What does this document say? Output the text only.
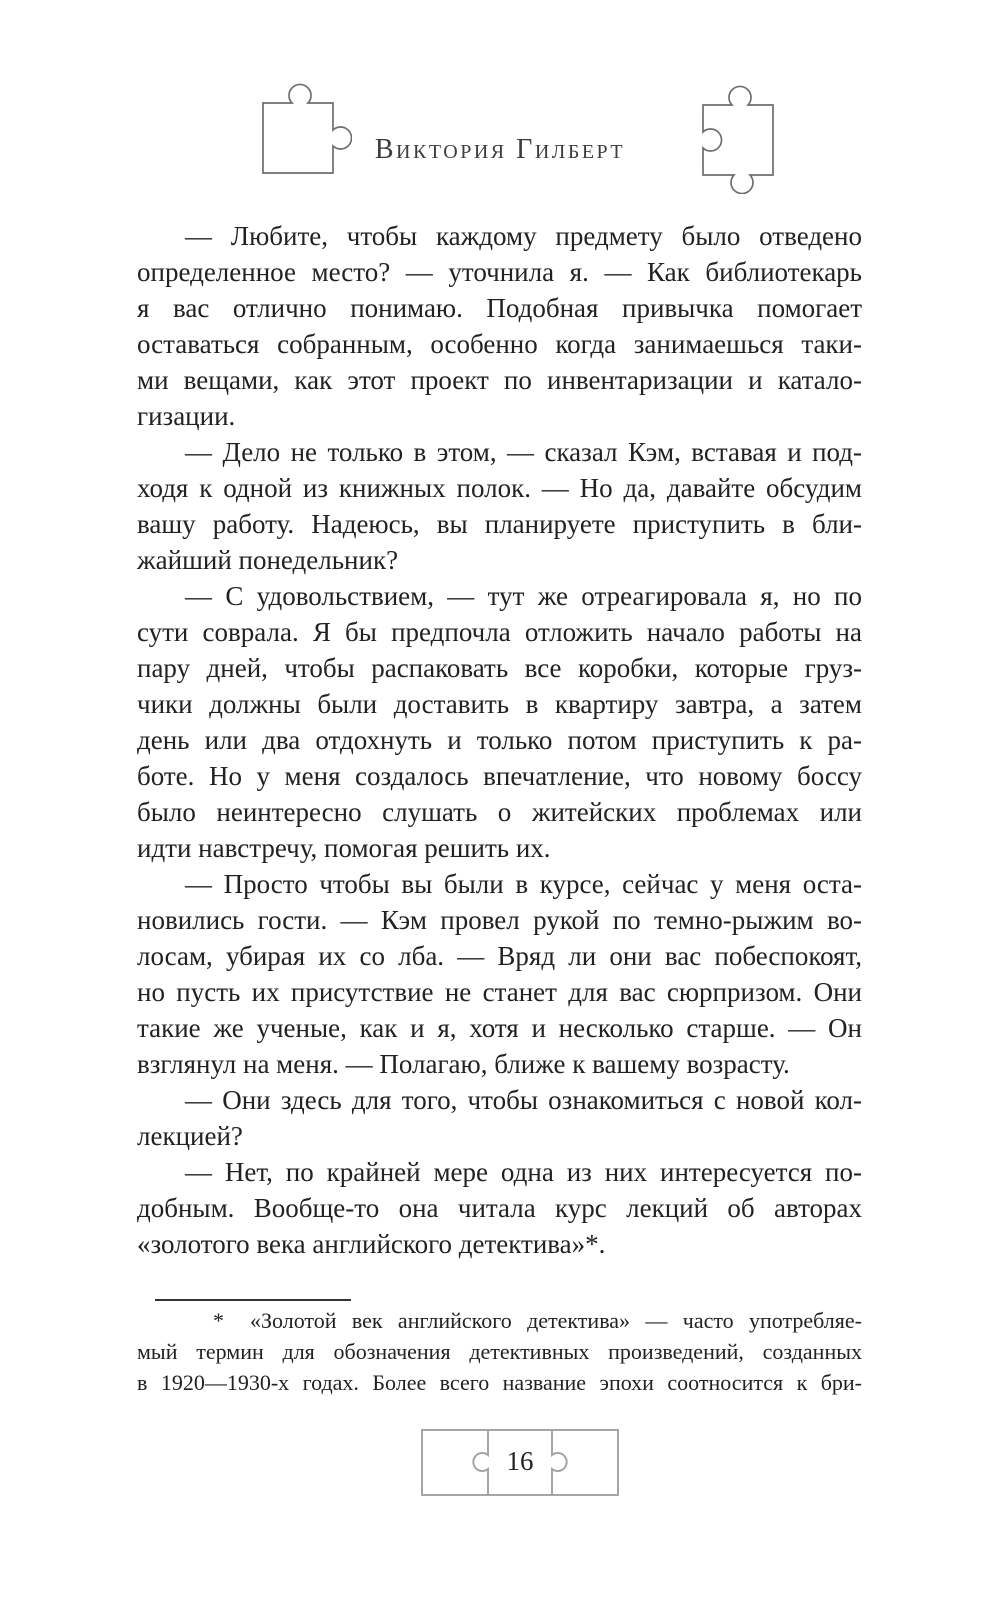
Виктория Гилберт
— Любите, чтобы каждому предмету было отведено
определенное место? — уточнила я. — Как библиотекарь
я вас отлично понимаю. Подобная привычка помогает
оставаться собранным, особенно когда занимаешься таки-
ми вещами, как этот проект по инвентаризации и катало-
гизации.
— Дело не только в этом, — сказал Кэм, вставая и под-
ходя к одной из книжных полок. — Но да, давайте обсудим
вашу работу. Надеюсь, вы планируете приступить в бли-
жайший понедельник?
— С удовольствием, — тут же отреагировала я, но по
сути соврала. Я бы предпочла отложить начало работы на
пару дней, чтобы распаковать все коробки, которые груз-
чики должны были доставить в квартиру завтра, а затем
день или два отдохнуть и только потом приступить к ра-
боте. Но у меня создалось впечатление, что новому боссу
было неинтересно слушать о житейских проблемах или
идти навстречу, помогая решить их.
— Просто чтобы вы были в курсе, сейчас у меня оста-
новились гости. — Кэм провел рукой по темно-рыжим во-
лосам, убирая их со лба. — Вряд ли они вас побеспокоят,
но пусть их присутствие не станет для вас сюрпризом. Они
такие же ученые, как и я, хотя и несколько старше. — Он
взглянул на меня. — Полагаю, ближе к вашему возрасту.
— Они здесь для того, чтобы ознакомиться с новой кол-
лекцией?
— Нет, по крайней мере одна из них интересуется по-
добным. Вообще-то она читала курс лекций об авторах
«золотого века английского детектива»*.
* «Золотой век английского детектива» — часто употребляе-
мый термин для обозначения детективных произведений, созданных
в 1920—1930-х годах. Более всего название эпохи соотносится к бри-
16
